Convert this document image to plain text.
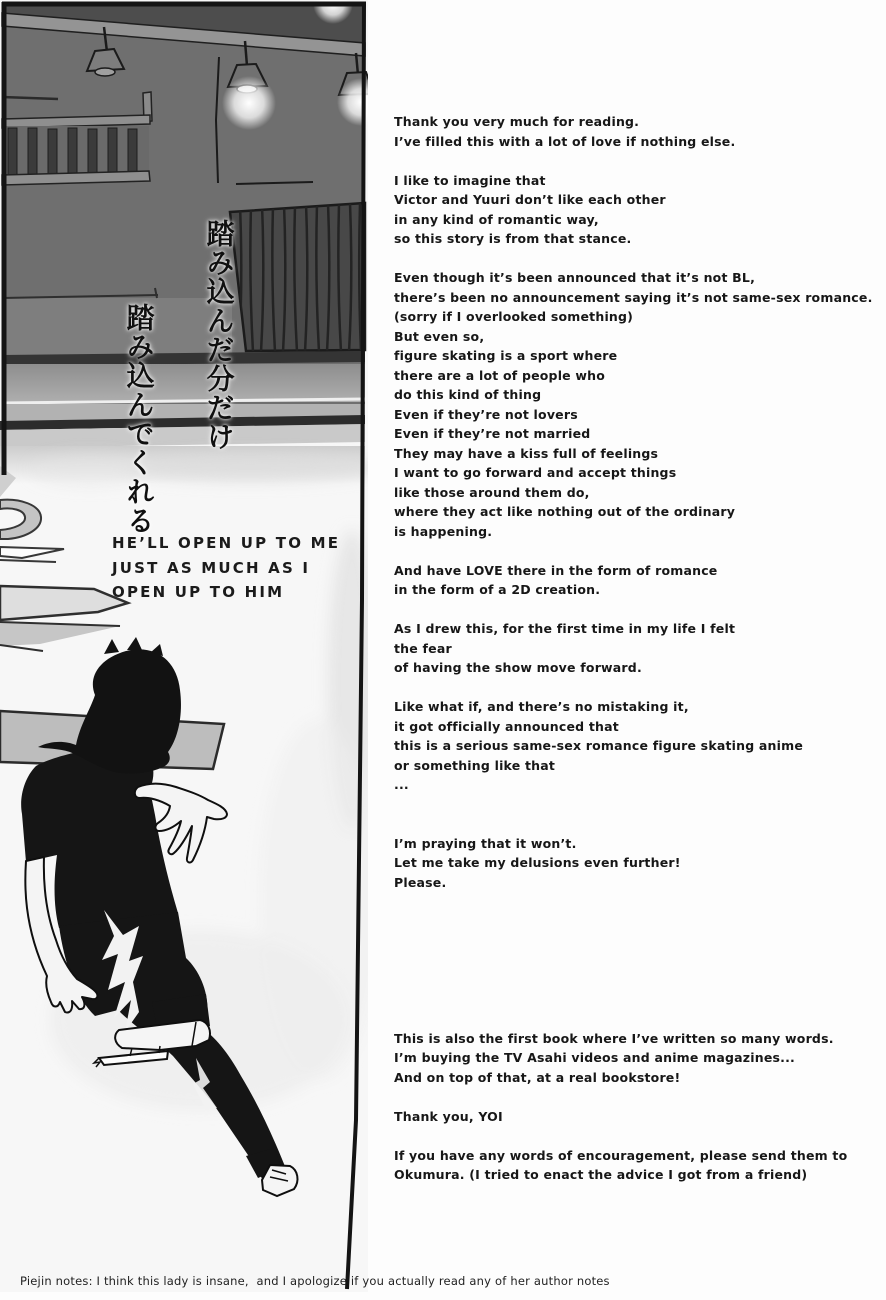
踏み込んだ分だけ
踏み込んでくれる
HE’LL OPEN UP TO ME
JUST AS MUCH AS I
OPEN UP TO HIM
Thank you very much for reading.
I’ve filled this with a lot of love if nothing else.
I like to imagine that
Victor and Yuuri don’t like each other
in any kind of romantic way,
so this story is from that stance.
Even though it’s been announced that it’s not BL,
there’s been no announcement saying it’s not same-sex romance.
(sorry if I overlooked something)
But even so,
figure skating is a sport where
there are a lot of people who
do this kind of thing
Even if they’re not lovers
Even if they’re not married
They may have a kiss full of feelings
I want to go forward and accept things
like those around them do,
where they act like nothing out of the ordinary
is happening.
And have LOVE there in the form of romance
in the form of a 2D creation.
As I drew this, for the first time in my life I felt
the fear
of having the show move forward.
Like what if, and there’s no mistaking it,
it got officially announced that
this is a serious same-sex romance figure skating anime
or something like that
...
I’m praying that it won’t.
Let me take my delusions even further!
Please.
This is also the first book where I’ve written so many words.
I’m buying the TV Asahi videos and anime magazines...
And on top of that, at a real bookstore!
Thank you, YOI
If you have any words of encouragement, please send them to
Okumura. (I tried to enact the advice I got from a friend)
Piejin notes: I think this lady is insane,  and I apologize if you actually read any of her author notes
